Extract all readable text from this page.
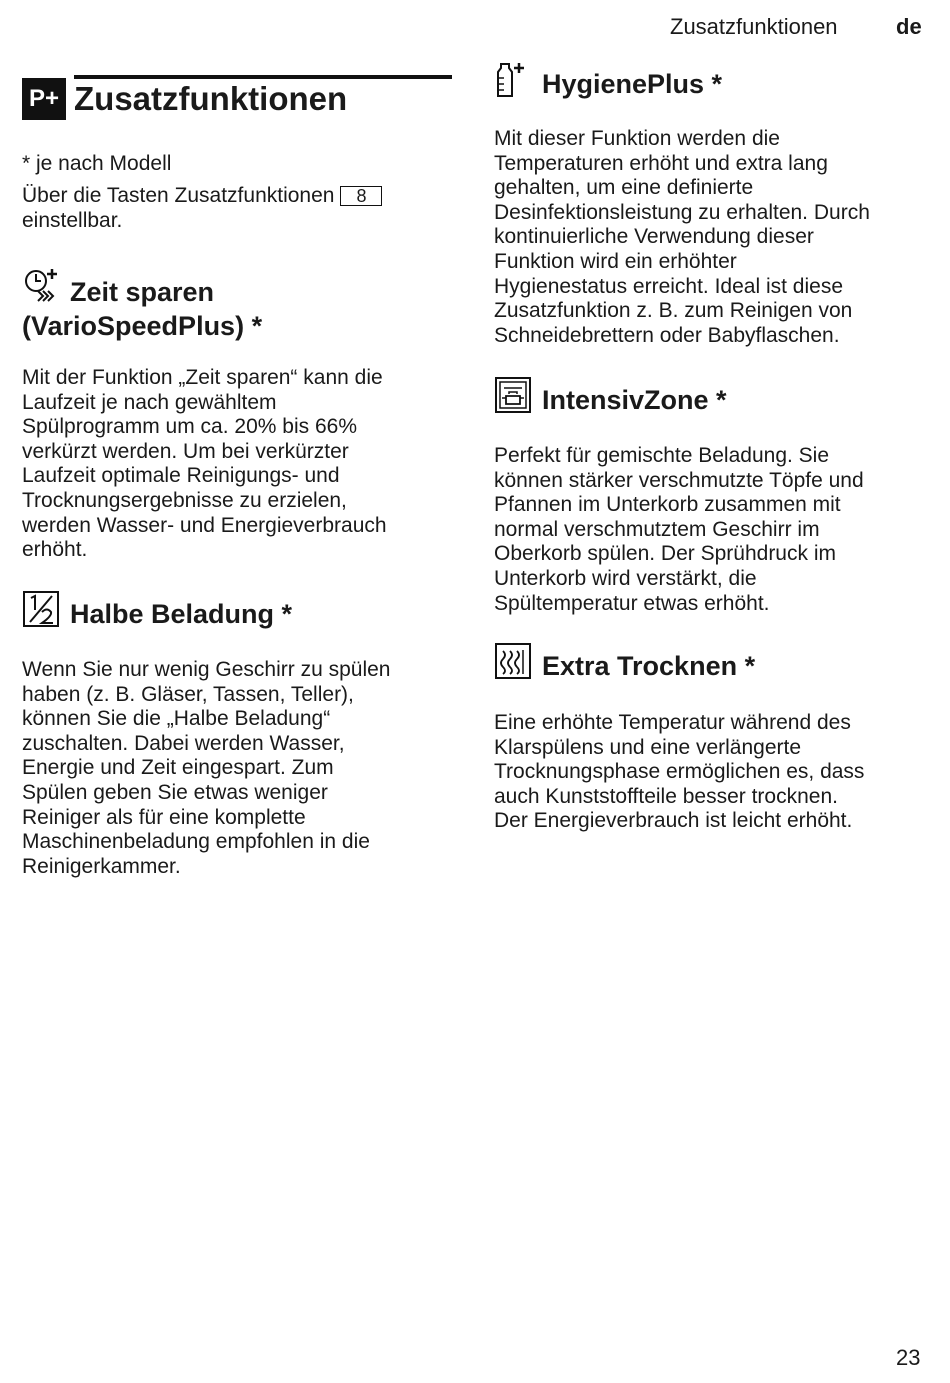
Zusatzfunktionen	de
P+ Zusatzfunktionen
* je nach Modell
Über die Tasten Zusatzfunktionen 8
einstellbar.
Zeit sparen
(VarioSpeedPlus) *
Mit der Funktion „Zeit sparen“ kann die
Laufzeit je nach gewähltem
Spülprogramm um ca. 20% bis 66%
verkürzt werden. Um bei verkürzter
Laufzeit optimale Reinigungs- und
Trocknungsergebnisse zu erzielen,
werden Wasser- und Energieverbrauch
erhöht.
Halbe Beladung *
Wenn Sie nur wenig Geschirr zu spülen
haben (z. B. Gläser, Tassen, Teller),
können Sie die „Halbe Beladung“
zuschalten. Dabei werden Wasser,
Energie und Zeit eingespart. Zum
Spülen geben Sie etwas weniger
Reiniger als für eine komplette
Maschinenbeladung empfohlen in die
Reinigerkammer.
HygienePlus *
Mit dieser Funktion werden die
Temperaturen erhöht und extra lang
gehalten, um eine definierte
Desinfektionsleistung zu erhalten. Durch
kontinuierliche Verwendung dieser
Funktion wird ein erhöhter
Hygienestatus erreicht. Ideal ist diese
Zusatzfunktion z. B. zum Reinigen von
Schneidebrettern oder Babyflaschen.
IntensivZone *
Perfekt für gemischte Beladung. Sie
können stärker verschmutzte Töpfe und
Pfannen im Unterkorb zusammen mit
normal verschmutztem Geschirr im
Oberkorb spülen. Der Sprühdruck im
Unterkorb wird verstärkt, die
Spültemperatur etwas erhöht.
Extra Trocknen *
Eine erhöhte Temperatur während des
Klarspülens und eine verlängerte
Trocknungsphase ermöglichen es, dass
auch Kunststoffteile besser trocknen.
Der Energieverbrauch ist leicht erhöht.
23
